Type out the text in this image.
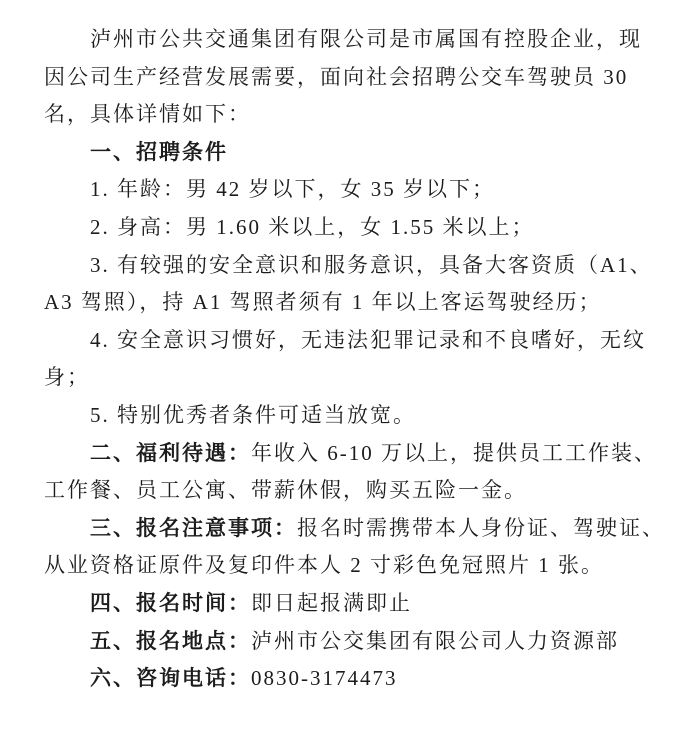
泸州市公共交通集团有限公司是市属国有控股企业，现
因公司生产经营发展需要，面向社会招聘公交车驾驶员 30
名，具体详情如下：
一、招聘条件
1. 年龄：男 42 岁以下，女 35 岁以下；
2. 身高：男 1.60 米以上，女 1.55 米以上；
3. 有较强的安全意识和服务意识，具备大客资质（A1、
A3 驾照），持 A1 驾照者须有 1 年以上客运驾驶经历；
4. 安全意识习惯好，无违法犯罪记录和不良嗜好，无纹
身；
5. 特别优秀者条件可适当放宽。
二、福利待遇：年收入 6-10 万以上，提供员工工作装、
工作餐、员工公寓、带薪休假，购买五险一金。
三、报名注意事项：报名时需携带本人身份证、驾驶证、
从业资格证原件及复印件本人 2 寸彩色免冠照片 1 张。
四、报名时间：即日起报满即止
五、报名地点：泸州市公交集团有限公司人力资源部
六、咨询电话：0830-3174473
